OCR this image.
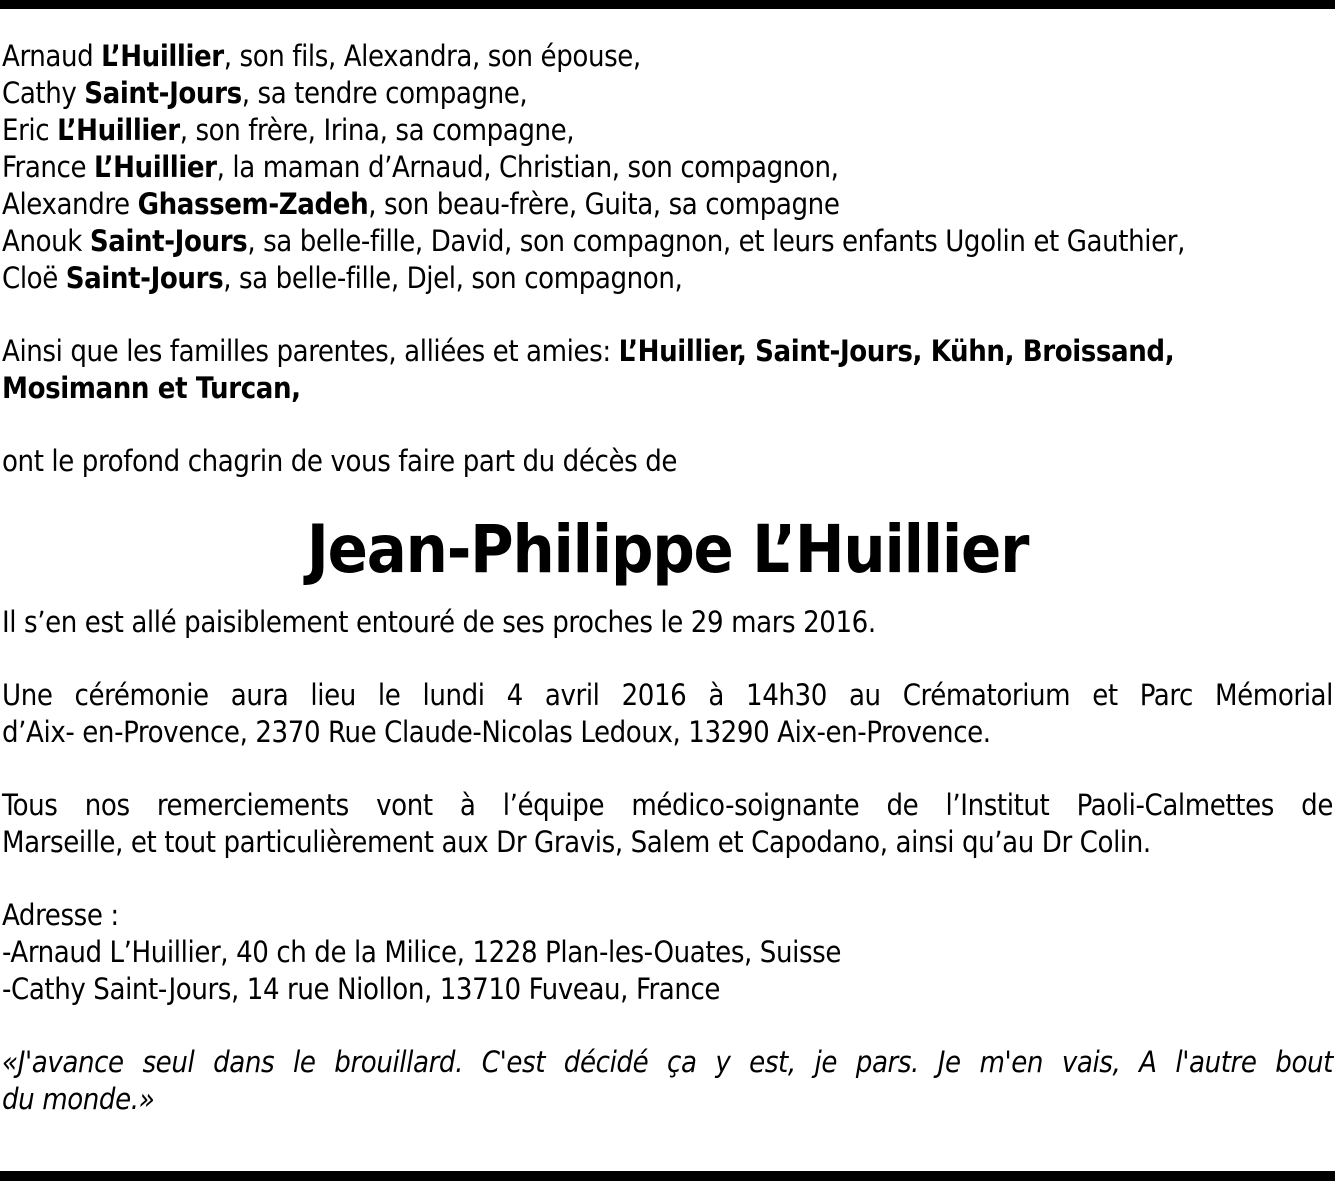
Arnaud L’Huillier, son fils, Alexandra, son épouse,
Cathy Saint-Jours, sa tendre compagne,
Eric L’Huillier, son frère, Irina, sa compagne,
France L’Huillier, la maman d’Arnaud, Christian, son compagnon,
Alexandre Ghassem-Zadeh, son beau-frère, Guita, sa compagne
Anouk Saint-Jours, sa belle-fille, David, son compagnon, et leurs enfants Ugolin et Gauthier,
Cloë Saint-Jours, sa belle-fille, Djel, son compagnon,
Ainsi que les familles parentes, alliées et amies: L’Huillier, Saint-Jours, Kühn, Broissand,
Mosimann et Turcan,
ont le profond chagrin de vous faire part du décès de
Jean-Philippe L’Huillier
Il s’en est allé paisiblement entouré de ses proches le 29 mars 2016.
Une cérémonie aura lieu le lundi 4 avril 2016 à 14h30 au Crématorium et Parc Mémorial
d’Aix- en-Provence, 2370 Rue Claude-Nicolas Ledoux, 13290 Aix-en-Provence.
Tous nos remerciements vont à l’équipe médico-soignante de l’Institut Paoli-Calmettes de
Marseille, et tout particulièrement aux Dr Gravis, Salem et Capodano, ainsi qu’au Dr Colin.
Adresse :
-Arnaud L’Huillier, 40 ch de la Milice, 1228 Plan-les-Ouates, Suisse
-Cathy Saint-Jours, 14 rue Niollon, 13710 Fuveau, France
«J'avance seul dans le brouillard. C'est décidé ça y est, je pars. Je m'en vais, A l'autre bout
du monde.»
